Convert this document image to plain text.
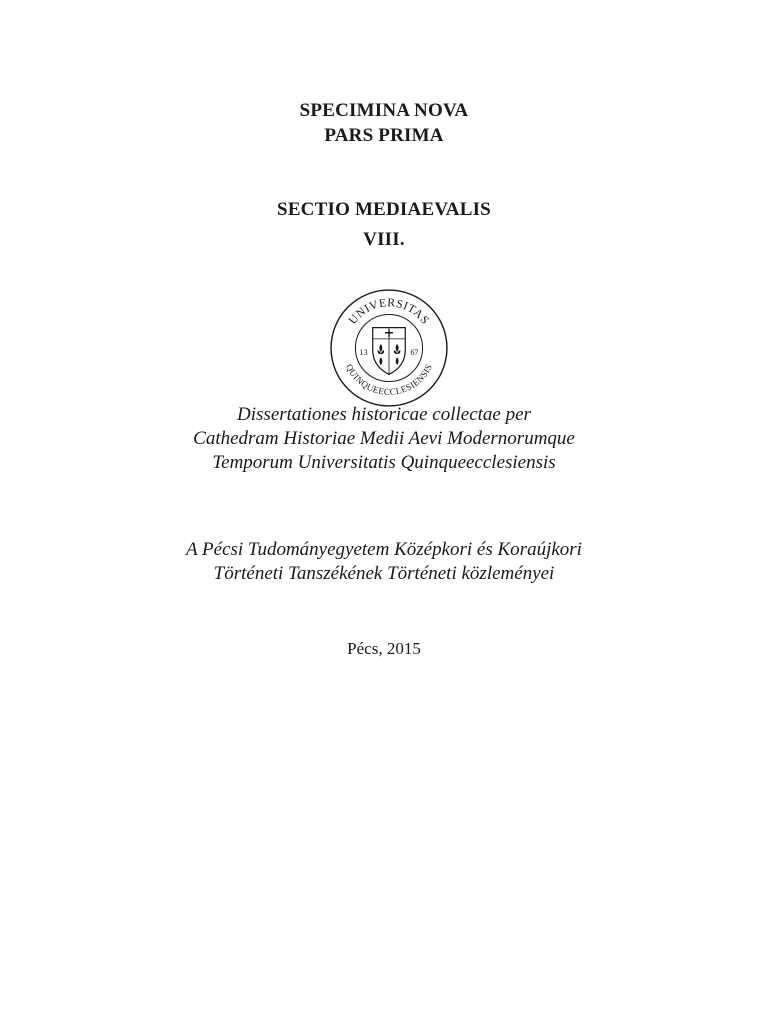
SPECIMINA NOVA
PARS PRIMA
SECTIO MEDIAEVALIS
VIII.
UNIVERSITAS
QUINQUEECCLESIENSIS
13	67
Dissertationes historicae collectae per
Cathedram Historiae Medii Aevi Modernorumque
Temporum Universitatis Quinqueecclesiensis
A Pécsi Tudományegyetem Középkori és Koraújkori
Történeti Tanszékének Történeti közleményei
Pécs, 2015
